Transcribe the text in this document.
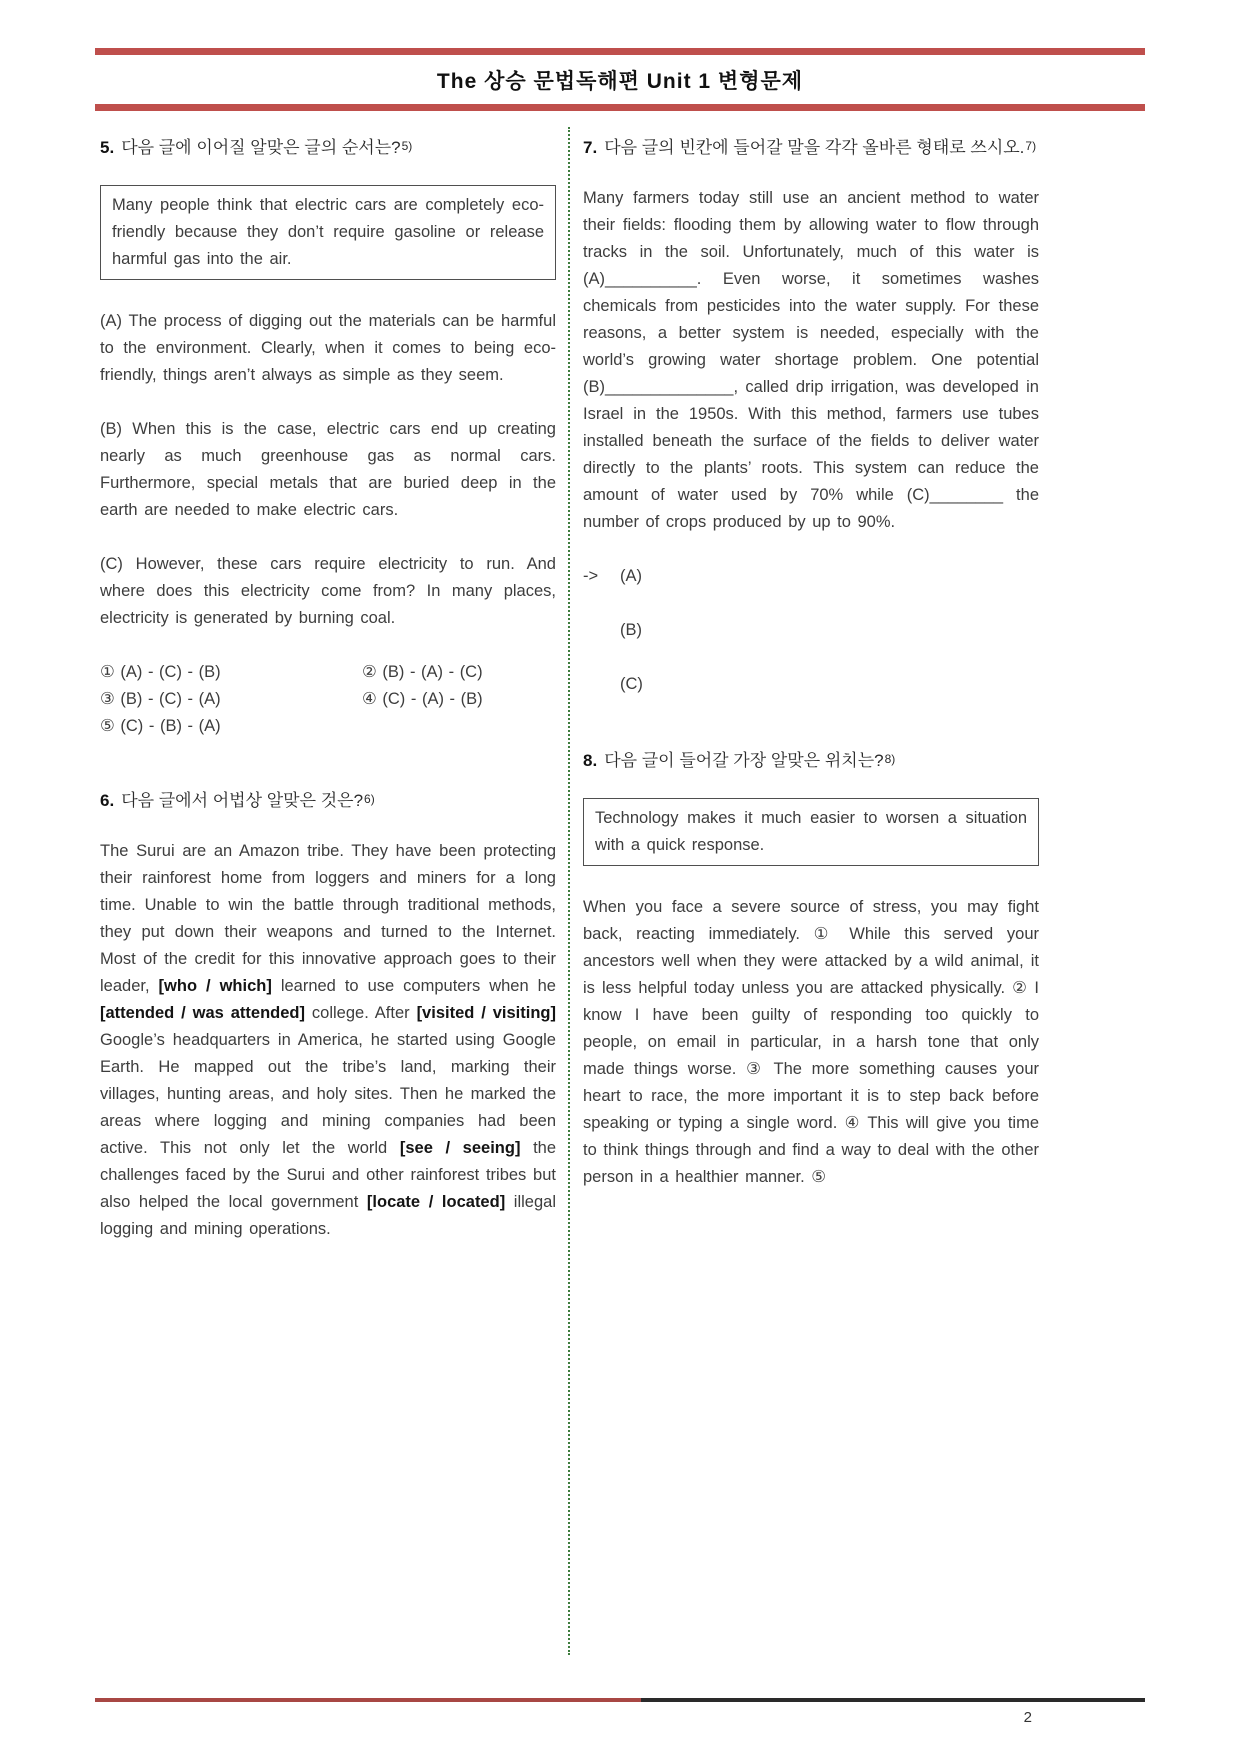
The 상승 문법독해편 Unit 1 변형문제
5. 다음 글에 이어질 알맞은 글의 순서는?5)

Many people think that electric cars are completely eco-friendly because they don’t require gasoline or release harmful gas into the air.

(A) The process of digging out the materials can be harmful to the environment. Clearly, when it comes to being eco-friendly, things aren’t always as simple as they seem.

(B) When this is the case, electric cars end up creating nearly as much greenhouse gas as normal cars. Furthermore, special metals that are buried deep in the earth are needed to make electric cars.

(C) However, these cars require electricity to run. And where does this electricity come from? In many places, electricity is generated by burning coal.

① (A) - (C) - (B)	② (B) - (A) - (C)
③ (B) - (C) - (A)	④ (C) - (A) - (B)
⑤ (C) - (B) - (A)
6. 다음 글에서 어법상 알맞은 것은?6)

The Surui are an Amazon tribe. They have been protecting their rainforest home from loggers and miners for a long time. Unable to win the battle through traditional methods, they put down their weapons and turned to the Internet. Most of the credit for this innovative approach goes to their leader, [who / which] learned to use computers when he [attended / was attended] college. After [visited / visiting] Google’s headquarters in America, he started using Google Earth. He mapped out the tribe’s land, marking their villages, hunting areas, and holy sites. Then he marked the areas where logging and mining companies had been active. This not only let the world [see / seeing] the challenges faced by the Surui and other rainforest tribes but also helped the local government [locate / located] illegal logging and mining operations.

7. 다음 글의 빈칸에 들어갈 말을 각각 올바른 형태로 쓰시오.7)

Many farmers today still use an ancient method to water their fields: flooding them by allowing water to flow through tracks in the soil. Unfortunately, much of this water is (A)__________. Even worse, it sometimes washes chemicals from pesticides into the water supply. For these reasons, a better system is needed, especially with the world’s growing water shortage problem. One potential (B)______________, called drip irrigation, was developed in Israel in the 1950s. With this method, farmers use tubes installed beneath the surface of the fields to deliver water directly to the plants’ roots. This system can reduce the amount of water used by 70% while (C)________ the number of crops produced by up to 90%.

->	(A)
(B)
(C)
8. 다음 글이 들어갈 가장 알맞은 위치는?8)

Technology makes it much easier to worsen a situation with a quick response.

When you face a severe source of stress, you may fight back, reacting immediately. ① While this served your ancestors well when they were attacked by a wild animal, it is less helpful today unless you are attacked physically. ② I know I have been guilty of responding too quickly to people, on email in particular, in a harsh tone that only made things worse. ③ The more something causes your heart to race, the more important it is to step back before speaking or typing a single word. ④ This will give you time to think things through and find a way to deal with the other person in a healthier manner. ⑤

2
